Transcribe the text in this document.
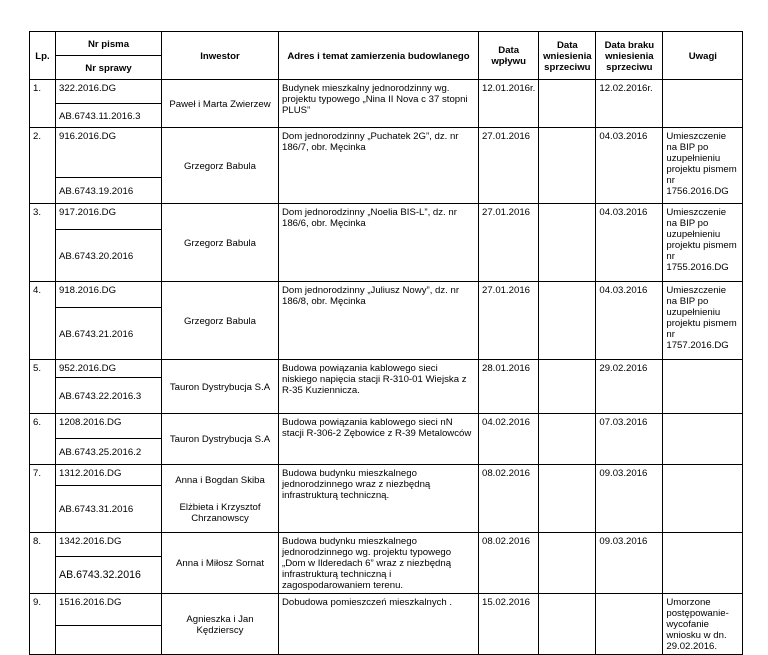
Lp.	Nr pisma	Inwestor	Adres i temat zamierzenia budowlanego	Data wpływu	Data wniesienia sprzeciwu	Data braku wniesienia sprzeciwu	Uwagi
	Nr sprawy						
1.	322.2016.DG	Paweł i Marta Zwierzew	Budynek mieszkalny jednorodzinny wg. projektu typowego „Nina II Nova c 37 stopni PLUS”	12.01.2016r.		12.02.2016r.	
	AB.6743.11.2016.3						
2.	916.2016.DG	Grzegorz Babula	Dom jednorodzinny „Puchatek 2G”, dz. nr 186/7, obr. Męcinka	27.01.2016		04.03.2016	Umieszczenie na BIP po uzupełnieniu projektu pismem nr 1756.2016.DG
	AB.6743.19.2016						
3.	917.2016.DG	Grzegorz Babula	Dom jednorodzinny „Noelia BIS-L”, dz. nr 186/6, obr. Męcinka	27.01.2016		04.03.2016	Umieszczenie na BIP po uzupełnieniu projektu pismem nr 1755.2016.DG
	AB.6743.20.2016						
4.	918.2016.DG	Grzegorz Babula	Dom jednorodzinny „Juliusz Nowy”, dz. nr 186/8, obr. Męcinka	27.01.2016		04.03.2016	Umieszczenie na BIP po uzupełnieniu projektu pismem nr 1757.2016.DG
	AB.6743.21.2016						
5.	952.2016.DG	Tauron Dystrybucja S.A	Budowa powiązania kablowego sieci niskiego napięcia stacji R-310-01 Wiejska z R-35 Kuziennicza.	28.01.2016		29.02.2016	
	AB.6743.22.2016.3						
6.	1208.2016.DG	Tauron Dystrybucja S.A	Budowa powiązania kablowego sieci nN stacji R-306-2 Zębowice z R-39 Metalowców	04.02.2016		07.03.2016	
	AB.6743.25.2016.2						
7.	1312.2016.DG	Anna i Bogdan Skiba
Elżbieta i Krzysztof Chrzanowscy	Budowa budynku mieszkalnego jednorodzinnego wraz z niezbędną infrastrukturą techniczną.	08.02.2016		09.03.2016	
	AB.6743.31.2016						
8.	1342.2016.DG	Anna i Miłosz Sornat	Budowa budynku mieszkalnego jednorodzinnego wg. projektu typowego „Dom w Ilderedach 6” wraz z niezbędną infrastrukturą techniczną i zagospodarowaniem terenu.	08.02.2016		09.03.2016	
	AB.6743.32.2016						
9.	1516.2016.DG	Agnieszka i Jan Kędzierscy	Dobudowa pomieszczeń mieszkalnych .	15.02.2016			Umorzone postępowanie- wycofanie wniosku w dn. 29.02.2016.
